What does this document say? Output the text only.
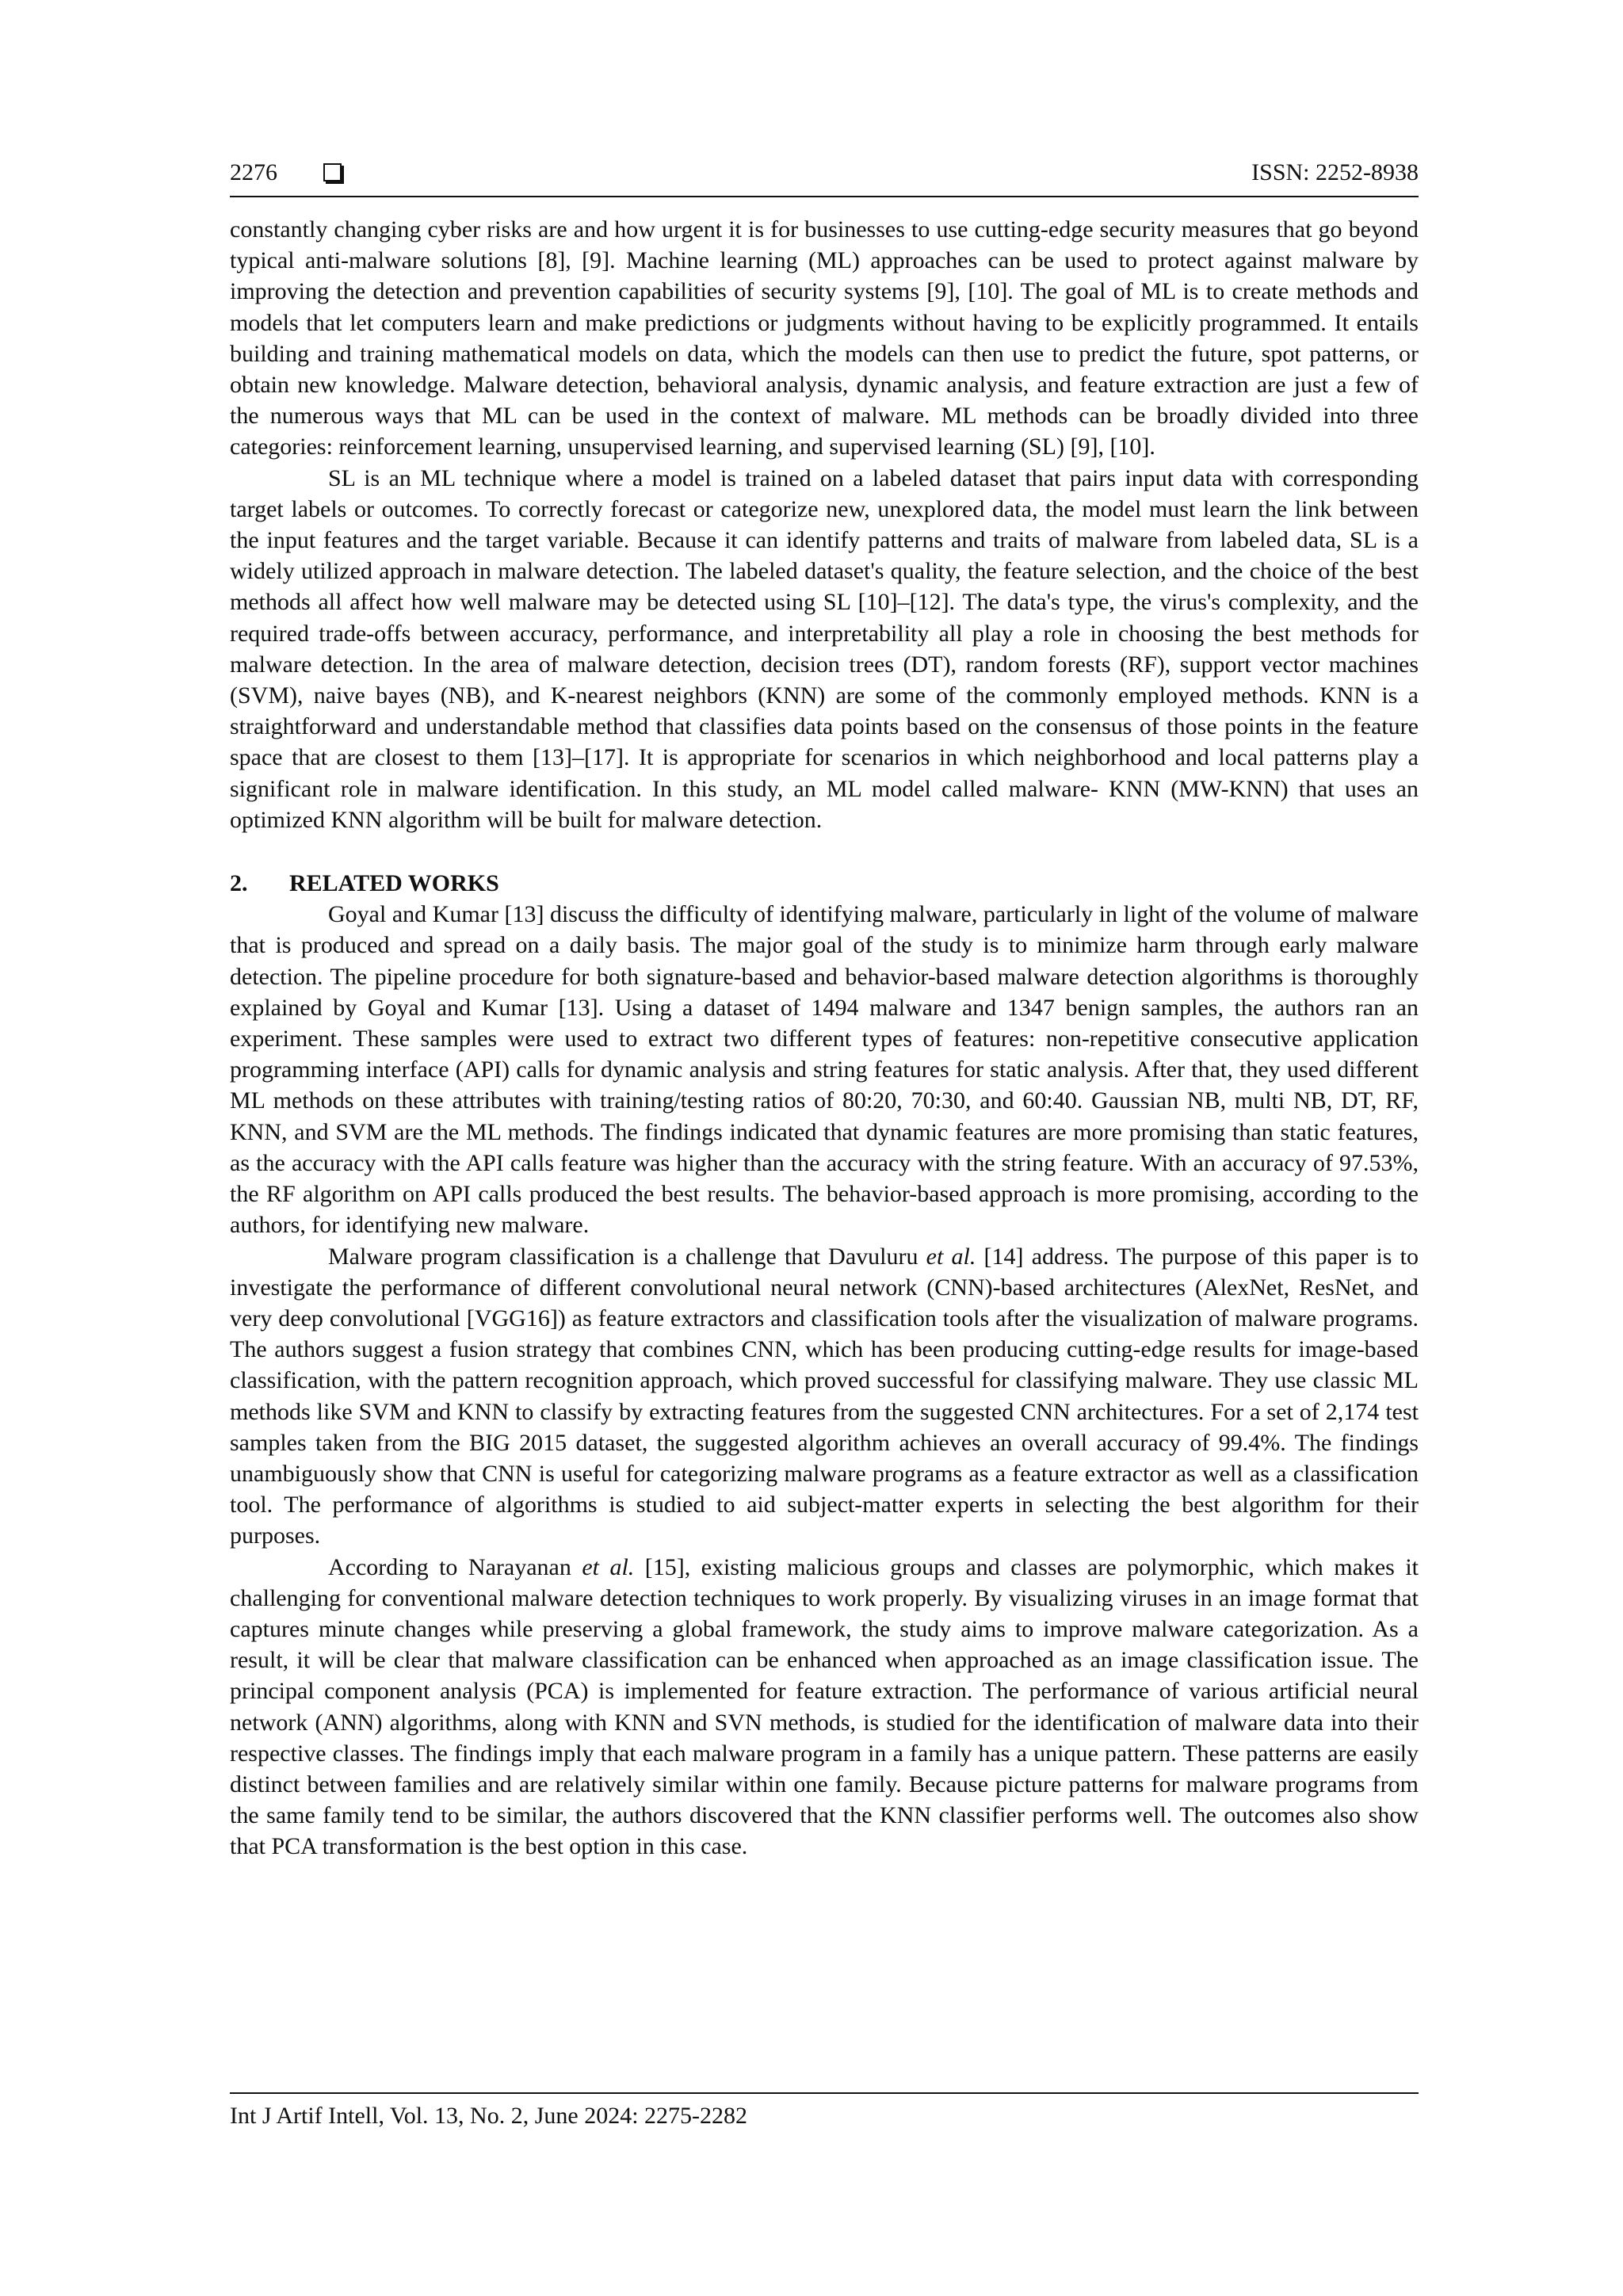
2276	ISSN: 2252-8938

constantly changing cyber risks are and how urgent it is for businesses to use cutting-edge security measures that go beyond typical anti-malware solutions [8], [9]. Machine learning (ML) approaches can be used to protect against malware by improving the detection and prevention capabilities of security systems [9], [10]. The goal of ML is to create methods and models that let computers learn and make predictions or judgments without having to be explicitly programmed. It entails building and training mathematical models on data, which the models can then use to predict the future, spot patterns, or obtain new knowledge. Malware detection, behavioral analysis, dynamic analysis, and feature extraction are just a few of the numerous ways that ML can be used in the context of malware. ML methods can be broadly divided into three categories: reinforcement learning, unsupervised learning, and supervised learning (SL) [9], [10].

SL is an ML technique where a model is trained on a labeled dataset that pairs input data with corresponding target labels or outcomes. To correctly forecast or categorize new, unexplored data, the model must learn the link between the input features and the target variable. Because it can identify patterns and traits of malware from labeled data, SL is a widely utilized approach in malware detection. The labeled dataset's quality, the feature selection, and the choice of the best methods all affect how well malware may be detected using SL [10]–[12]. The data's type, the virus's complexity, and the required trade-offs between accuracy, performance, and interpretability all play a role in choosing the best methods for malware detection. In the area of malware detection, decision trees (DT), random forests (RF), support vector machines (SVM), naive bayes (NB), and K-nearest neighbors (KNN) are some of the commonly employed methods. KNN is a straightforward and understandable method that classifies data points based on the consensus of those points in the feature space that are closest to them [13]–[17]. It is appropriate for scenarios in which neighborhood and local patterns play a significant role in malware identification. In this study, an ML model called malware- KNN (MW-KNN) that uses an optimized KNN algorithm will be built for malware detection.

2. RELATED WORKS

Goyal and Kumar [13] discuss the difficulty of identifying malware, particularly in light of the volume of malware that is produced and spread on a daily basis. The major goal of the study is to minimize harm through early malware detection. The pipeline procedure for both signature-based and behavior-based malware detection algorithms is thoroughly explained by Goyal and Kumar [13]. Using a dataset of 1494 malware and 1347 benign samples, the authors ran an experiment. These samples were used to extract two different types of features: non-repetitive consecutive application programming interface (API) calls for dynamic analysis and string features for static analysis. After that, they used different ML methods on these attributes with training/testing ratios of 80:20, 70:30, and 60:40. Gaussian NB, multi NB, DT, RF, KNN, and SVM are the ML methods. The findings indicated that dynamic features are more promising than static features, as the accuracy with the API calls feature was higher than the accuracy with the string feature. With an accuracy of 97.53%, the RF algorithm on API calls produced the best results. The behavior-based approach is more promising, according to the authors, for identifying new malware.

Malware program classification is a challenge that Davuluru et al. [14] address. The purpose of this paper is to investigate the performance of different convolutional neural network (CNN)-based architectures (AlexNet, ResNet, and very deep convolutional [VGG16]) as feature extractors and classification tools after the visualization of malware programs. The authors suggest a fusion strategy that combines CNN, which has been producing cutting-edge results for image-based classification, with the pattern recognition approach, which proved successful for classifying malware. They use classic ML methods like SVM and KNN to classify by extracting features from the suggested CNN architectures. For a set of 2,174 test samples taken from the BIG 2015 dataset, the suggested algorithm achieves an overall accuracy of 99.4%. The findings unambiguously show that CNN is useful for categorizing malware programs as a feature extractor as well as a classification tool. The performance of algorithms is studied to aid subject-matter experts in selecting the best algorithm for their purposes.

According to Narayanan et al. [15], existing malicious groups and classes are polymorphic, which makes it challenging for conventional malware detection techniques to work properly. By visualizing viruses in an image format that captures minute changes while preserving a global framework, the study aims to improve malware categorization. As a result, it will be clear that malware classification can be enhanced when approached as an image classification issue. The principal component analysis (PCA) is implemented for feature extraction. The performance of various artificial neural network (ANN) algorithms, along with KNN and SVN methods, is studied for the identification of malware data into their respective classes. The findings imply that each malware program in a family has a unique pattern. These patterns are easily distinct between families and are relatively similar within one family. Because picture patterns for malware programs from the same family tend to be similar, the authors discovered that the KNN classifier performs well. The outcomes also show that PCA transformation is the best option in this case.

Int J Artif Intell, Vol. 13, No. 2, June 2024: 2275-2282
